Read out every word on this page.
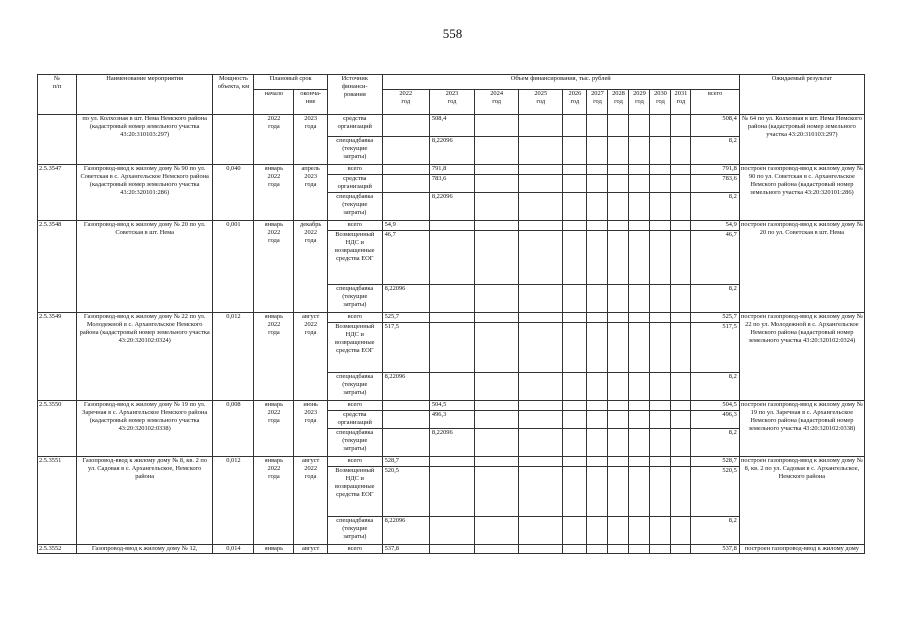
558
№
п/п	Наименование мероприятия	Мощность объекта, км	Плановый срок		Источник
финанси-
рования	Объем финансирования, тыс. рублей											Ожидаемый результат
			начало	оконча-
ние		2022
год	2023
год	2024
год	2025
год	2026
год	2027
год	2028
год	2029
год	2030
год	2031
год	всего	
	по ул. Колхозная в шт. Нема Немского района (кадастровый номер земельного участка 43:20:310103:297)		2022
года	2023
года	средства
организаций		508,4									508,4	№ 64 по ул. Колхозная в шт. Нема Немского района (кадастровый номер земельного участка 43:20:310103:297)
					спецнадбавка
(текущие
затраты)		8,22096									8,2	
2.5.3547	Газопровод-ввод к жилому дому № 90 по ул. Советская в с. Архангельское Немского района (кадастровый номер земельного участка 43:20:320101:286)	0,040	январь
2022
года	апрель
2023
года	всего		791,8									791,8	построен газопровод-ввод к жилому дому № 90 по ул. Советская в с. Архангельское Немского района (кадастровый номер земельного участка 43:20:320101:286)
					средства
организаций		783,6									783,6	
					спецнадбавка
(текущие
затраты)		8,22096									8,2	
2.5.3548	Газопровод-ввод к жилому дому № 20 по ул. Советская в шт. Нема	0,001	январь
2022
года	декабрь
2022
года	всего	54,9										54,9	построен газопровод-ввод к жилому дому № 20 по ул. Советская в шт. Нема
					Возмещенный
НДС и
возвращенные
средства ЕОГ	46,7										46,7	
					спецнадбавка
(текущие
затраты)	8,22096										8,2	
2.5.3549	Газопровод-ввод к жилому дому № 22 по ул. Молодежной в с. Архангельское Немского района (кадастровый номер земельного участка 43:20:320102:0324)	0,012	январь
2022
года	август
2022
года	всего	525,7										525,7	построен газопровод-ввод к жилому дому № 22 по ул. Молодежной в с. Архангельское Немского района (кадастровый номер земельного участка 43:20:320102:0324)
					Возмещенный
НДС и
возвращенные
средства ЕОГ	517,5										517,5	
					спецнадбавка
(текущие
затраты)	8,22096										8,2	
2.5.3550	Газопровод-ввод к жилому дому № 19 по ул. Заречная в с. Архангельское Немского района (кадастровый номер земельного участка 43:20:320102:0338)	0,008	январь
2022
года	июнь
2023
года	всего		504,5									504,5	построен газопровод-ввод к жилому дому № 19 по ул. Заречная в с. Архангельское Немского района (кадастровый номер земельного участка 43:20:320102:0338)
					средства
организаций		496,3									496,3	
					спецнадбавка
(текущие
затраты)		8,22096									8,2	
2.5.3551	Газопровод-ввод к жилому дому № 8, кв. 2 по ул. Садовая в с. Архангельское, Немского района	0,012	январь
2022
года	август
2022
года	всего	528,7										528,7	построен газопровод-ввод к жилому дому № 8, кв. 2 по ул. Садовая в с. Архангельское, Немского района
					Возмещенный
НДС и
возвращенные
средства ЕОГ	520,5										520,5	
					спецнадбавка
(текущие
затраты)	8,22096										8,2	
2.5.3552	Газопровод-ввод к жилому дому № 12,	0,014	январь	август	всего	537,8										537,8	построен газопровод-ввод к жилому дому
